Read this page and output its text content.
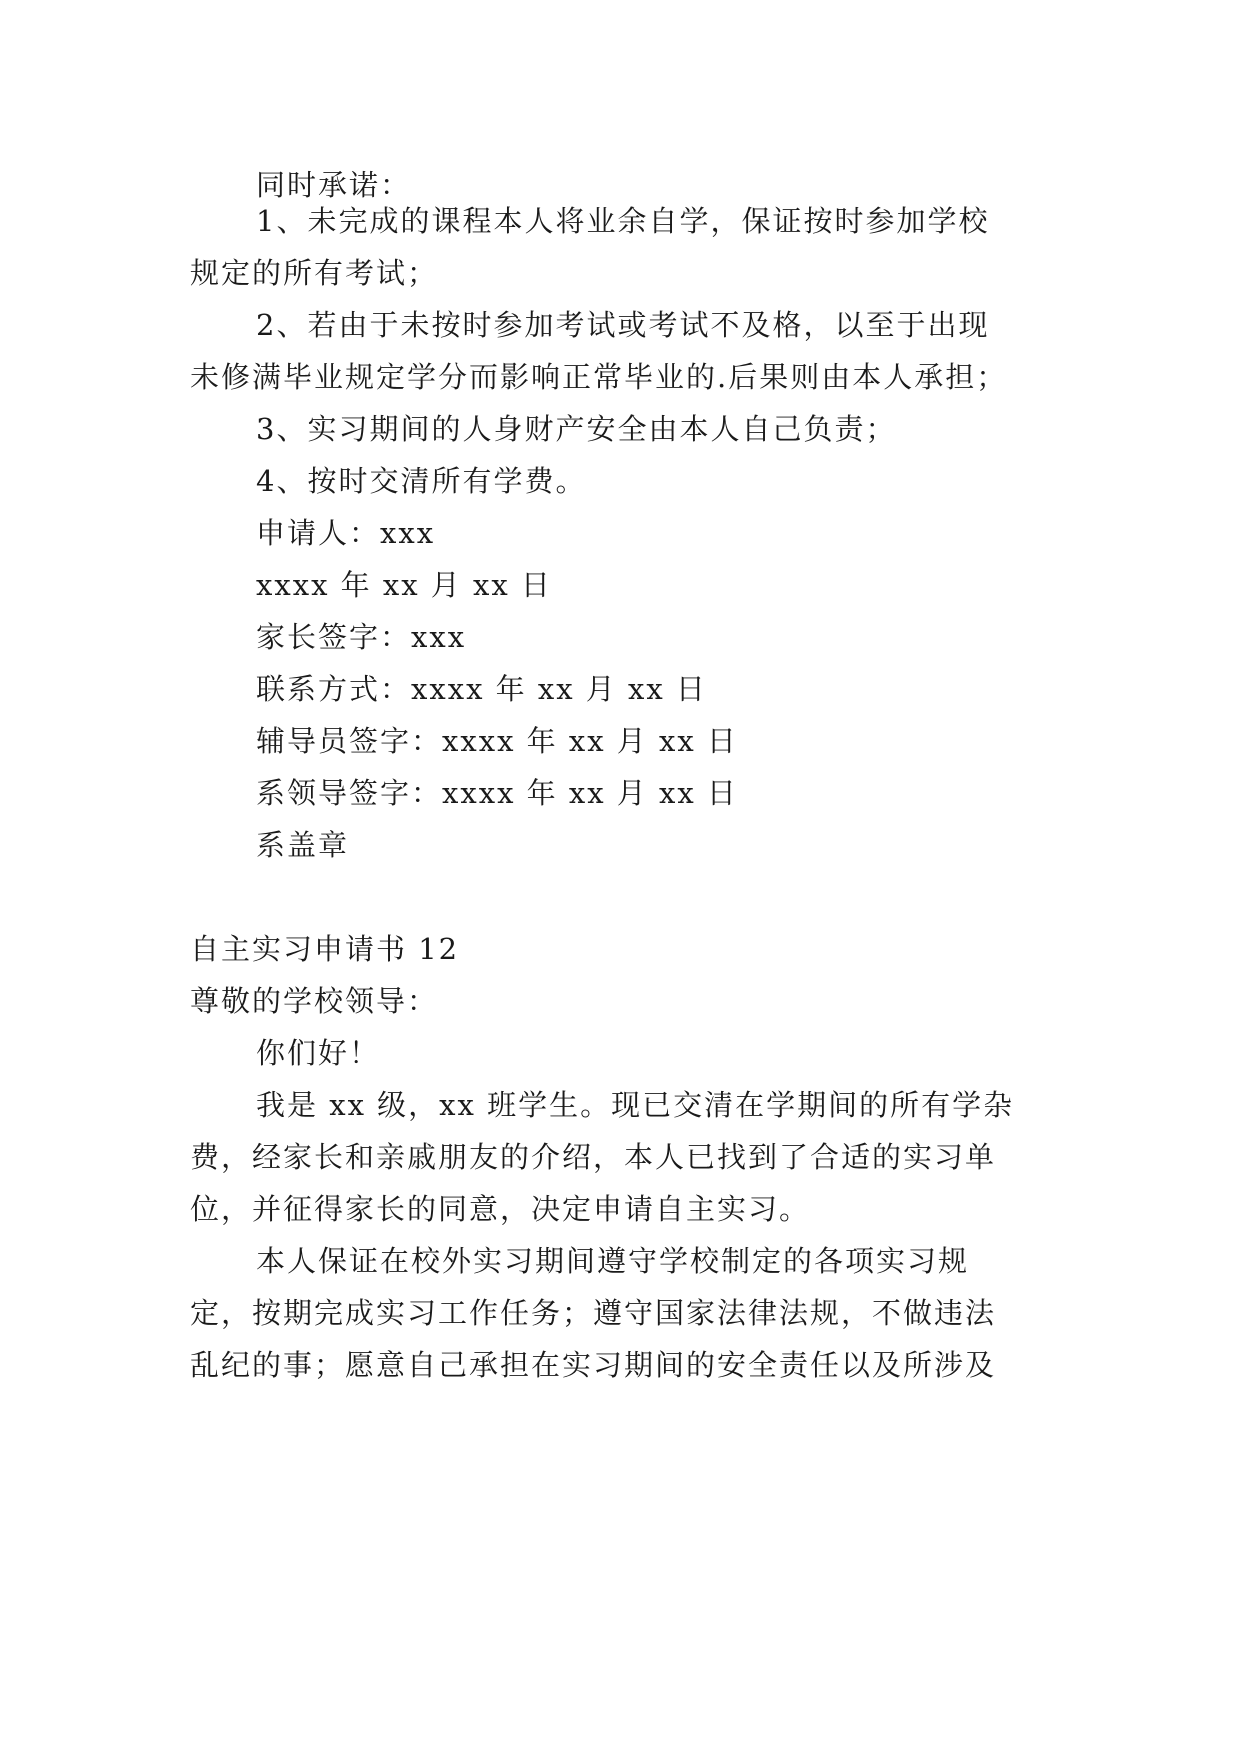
同时承诺：
1、未完成的课程本人将业余自学，保证按时参加学校
规定的所有考试；
2、若由于未按时参加考试或考试不及格，以至于出现
未修满毕业规定学分而影响正常毕业的.后果则由本人承担；
3、实习期间的人身财产安全由本人自己负责；
4、按时交清所有学费。
申请人：xxx
xxxx 年 xx 月 xx 日
家长签字：xxx
联系方式：xxxx 年 xx 月 xx 日
辅导员签字：xxxx 年 xx 月 xx 日
系领导签字：xxxx 年 xx 月 xx 日
系盖章
自主实习申请书 12
尊敬的学校领导：
你们好！
我是 xx 级，xx 班学生。现已交清在学期间的所有学杂
费，经家长和亲戚朋友的介绍，本人已找到了合适的实习单
位，并征得家长的同意，决定申请自主实习。
本人保证在校外实习期间遵守学校制定的各项实习规
定，按期完成实习工作任务；遵守国家法律法规，不做违法
乱纪的事；愿意自己承担在实习期间的安全责任以及所涉及
